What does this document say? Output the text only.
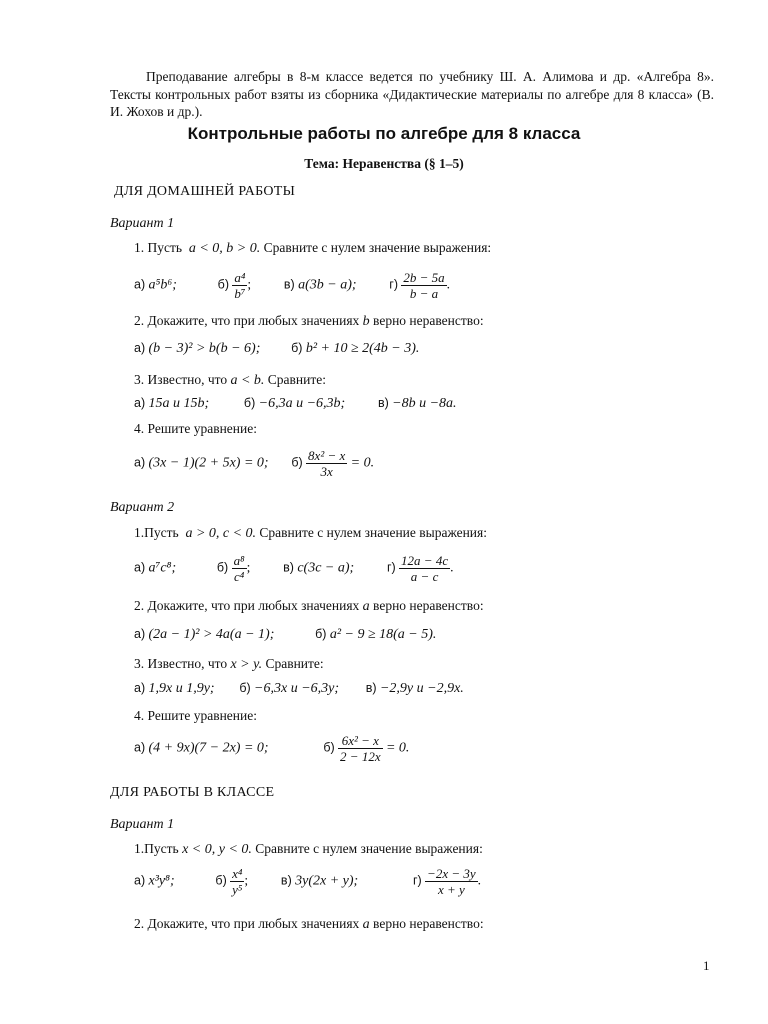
Преподавание алгебры в 8-м классе ведется по учебнику Ш. А. Алимова и др. «Алгебра 8». Тексты контрольных работ взяты из сборника «Дидактические материалы по алгебре для 8 класса» (В. И. Жохов и др.).
Контрольные работы по алгебре для 8 класса
Тема: Неравенства (§ 1–5)
ДЛЯ ДОМАШНЕЙ РАБОТЫ
Вариант 1
1. Пусть a < 0, b > 0. Сравните с нулем значение выражения:
а) a⁵b⁶;	$б) \frac{\text{a⁴}}{\text{b⁷}}$ ;	в) a(3b − a);	$г) \frac{2b - 5a}{b - a}$ .
2. Докажите, что при любых значениях b верно неравенство:
а) (b − 3)² > b(b − 6); б) b² + 10 ≥ 2(4b − 3).
3. Известно, что a < b. Сравните:
а) 15a и 15b;	б) −6,3a и −6,3b;	в) −8b и −8a.
4. Решите уравнение:
а) (3x − 1)(2 + 5x) = 0; $б) \frac{\text{8x² − x}}{3x} = 0$.
Вариант 2
1.Пусть a > 0, c < 0. Сравните с нулем значение выражения:
а) a⁷c⁸;	$б) \frac{\text{a⁸}}{\text{c⁴}}$ ;	в) c(3c − a);	$г) \frac{12a - 4c}{a - c}$ .
2. Докажите, что при любых значениях a верно неравенство:
а) (2a − 1)² > 4a(a − 1);	б) a² − 9 ≥ 18(a − 5).
3. Известно, что x > y. Сравните:
а) 1,9x и 1,9y; б) −6,3x и −6,3y; в) −2,9y и −2,9x.
4. Решите уравнение:
а) (4 + 9x)(7 − 2x) = 0;	$б) \frac{\text{6x² − x}}{2 - 12x} = 0$.
ДЛЯ РАБОТЫ В КЛАССЕ
Вариант 1
1.Пусть x < 0, y < 0. Сравните с нулем значение выражения:
а) x³y⁸;	$б) \frac{\text{x⁴}}{\text{y⁵}}$ ;	в) 3y(2x + y);	$г) \frac{-2x - 3y}{x + y}$ .
2. Докажите, что при любых значениях a верно неравенство:
1
